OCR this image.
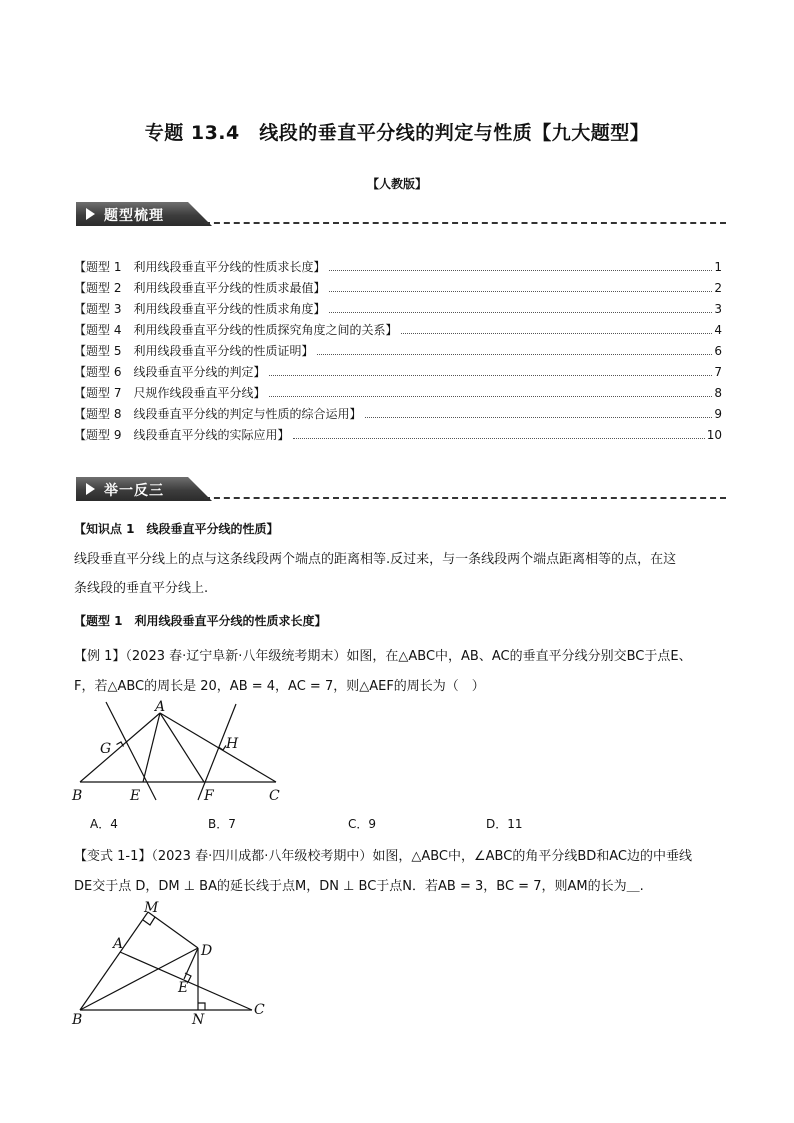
专题 13.4　线段的垂直平分线的判定与性质【九大题型】
【人教版】
题型梳理
【题型 1　利用线段垂直平分线的性质求长度】	1
【题型 2　利用线段垂直平分线的性质求最值】	2
【题型 3　利用线段垂直平分线的性质求角度】	3
【题型 4　利用线段垂直平分线的性质探究角度之间的关系】	4
【题型 5　利用线段垂直平分线的性质证明】	6
【题型 6　线段垂直平分线的判定】	7
【题型 7　尺规作线段垂直平分线】	8
【题型 8　线段垂直平分线的判定与性质的综合运用】	9
【题型 9　线段垂直平分线的实际应用】	10
举一反三
【知识点 1　线段垂直平分线的性质】
线段垂直平分线上的点与这条线段两个端点的距离相等.反过来，与一条线段两个端点距离相等的点，在这
条线段的垂直平分线上.
【题型 1　利用线段垂直平分线的性质求长度】
【例 1】（2023 春·辽宁阜新·八年级统考期末）如图，在△ABC中，AB、AC的垂直平分线分别交BC于点E、
F，若△ABC的周长是 20，AB = 4，AC = 7，则△AEF的周长为（　）
A
G	H
B	E	F	C
A．4	B．7	C．9	D．11
【变式 1-1】（2023 春·四川成都·八年级校考期中）如图，△ABC中，∠ABC的角平分线BD和AC边的中垂线
DE交于点 D，DM ⊥ BA的延长线于点M，DN ⊥ BC于点N．若AB = 3，BC = 7，则AM的长为＿.
M
A	D
E
B	N
C
